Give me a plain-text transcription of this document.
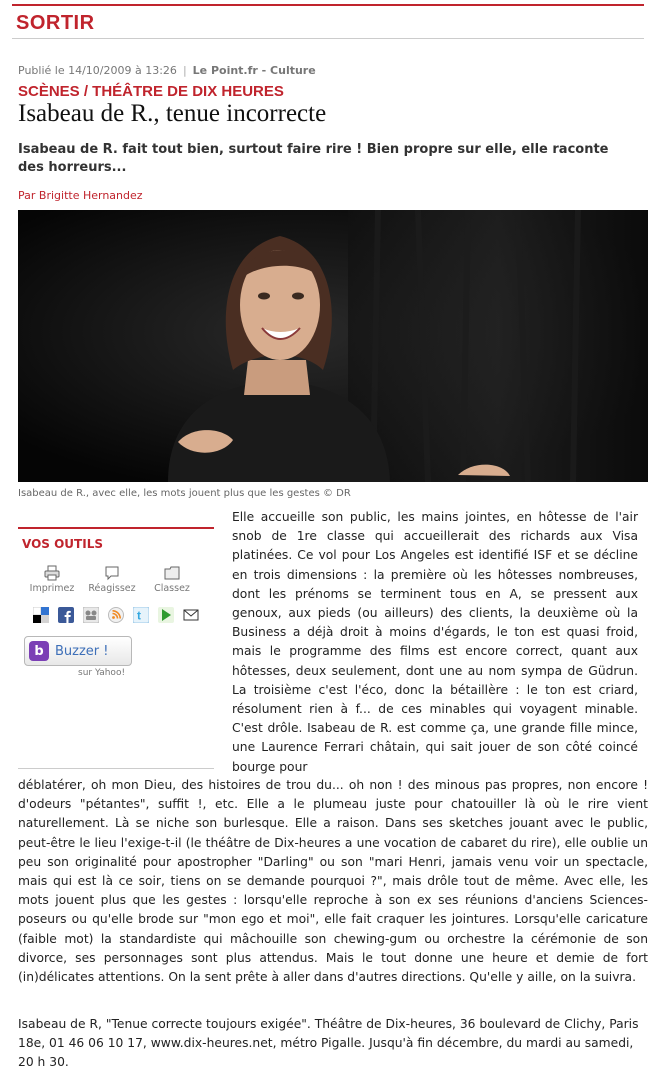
SORTIR
Publié le 14/10/2009 à 13:26 | Le Point.fr - Culture
SCÈNES / THÉÂTRE DE DIX HEURES
Isabeau de R., tenue incorrecte
Isabeau de R. fait tout bien, surtout faire rire ! Bien propre sur elle, elle raconte des horreurs...
Par Brigitte Hernandez
Isabeau de R., avec elle, les mots jouent plus que les gestes © DR
VOS OUTILS
Imprimez	Réagissez	Classez
t
b Buzzer !
sur Yahoo!
Elle accueille son public, les mains jointes, en hôtesse de l'air snob de 1re classe qui accueillerait des richards aux Visa platinées. Ce vol pour Los Angeles est identifié ISF et se décline en trois dimensions : la première où les hôtesses nombreuses, dont les prénoms se terminent tous en A, se pressent aux genoux, aux pieds (ou ailleurs) des clients, la deuxième où la Business a déjà droit à moins d'égards, le ton est quasi froid, mais le programme des films est encore correct, quant aux hôtesses, deux seulement, dont une au nom sympa de Güdrun. La troisième c'est l'éco, donc la bétaillère : le ton est criard, résolument rien à f... de ces minables qui voyagent minable. C'est drôle. Isabeau de R. est comme ça, une grande fille mince, une Laurence Ferrari châtain, qui sait jouer de son côté coincé bourge pour
déblatérer, oh mon Dieu, des histoires de trou du... oh non ! des minous pas propres, non encore ! d'odeurs "pétantes", suffit !, etc. Elle a le plumeau juste pour chatouiller là où le rire vient naturellement. Là se niche son burlesque. Elle a raison. Dans ses sketches jouant avec le public, peut-être le lieu l'exige-t-il (le théâtre de Dix-heures a une vocation de cabaret du rire), elle oublie un peu son originalité pour apostropher "Darling" ou son "mari Henri, jamais venu voir un spectacle, mais qui est là ce soir, tiens on se demande pourquoi ?", mais drôle tout de même. Avec elle, les mots jouent plus que les gestes : lorsqu'elle reproche à son ex ses réunions d'anciens Sciences-poseurs ou qu'elle brode sur "mon ego et moi", elle fait craquer les jointures. Lorsqu'elle caricature (faible mot) la standardiste qui mâchouille son chewing-gum ou orchestre la cérémonie de son divorce, ses personnages sont plus attendus. Mais le tout donne une heure et demie de fort (in)délicates attentions. On la sent prête à aller dans d'autres directions. Qu'elle y aille, on la suivra.
Isabeau de R, "Tenue correcte toujours exigée". Théâtre de Dix-heures, 36 boulevard de Clichy, Paris 18e, 01 46 06 10 17, www.dix-heures.net, métro Pigalle. Jusqu'à fin décembre, du mardi au samedi, 20 h 30.
